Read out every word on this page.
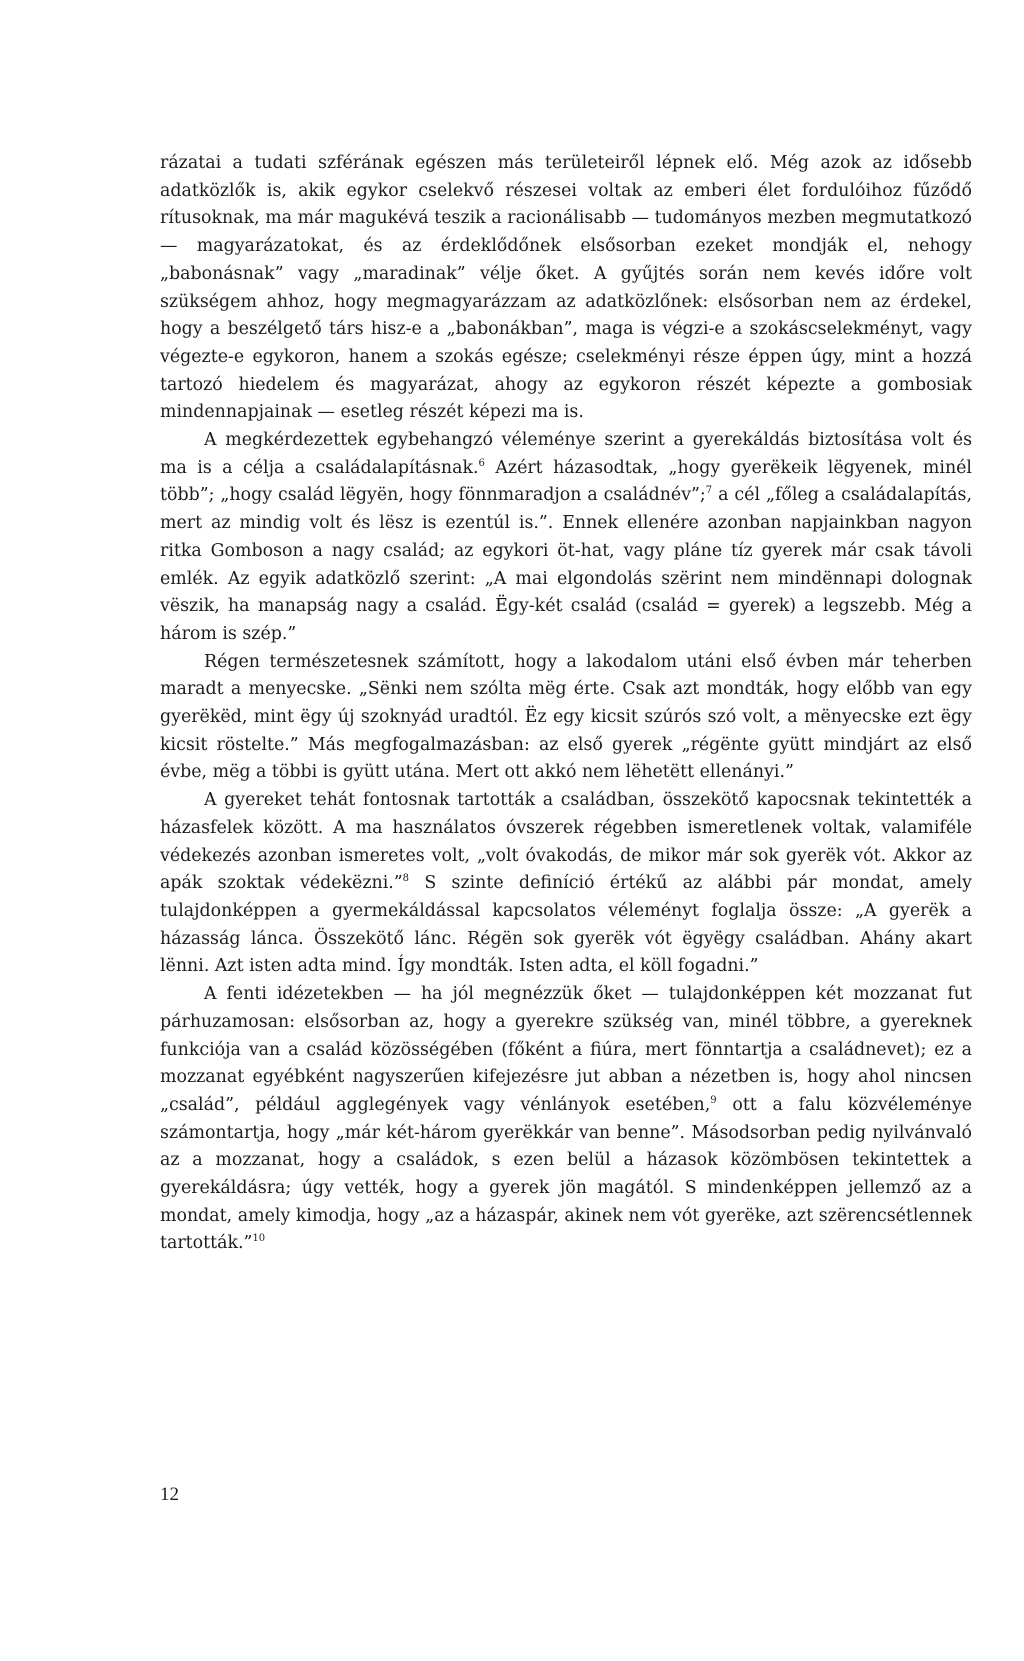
rázatai a tudati szférának egészen más területeiről lépnek elő. Még azok az idősebb adatközlők is, akik egykor cselekvő részesei voltak az emberi élet fordulóihoz fűződő rítusoknak, ma már magukévá teszik a racionálisabb — tudományos mezben megmutatkozó — magyarázatokat, és az érdeklődőnek elsősorban ezeket mondják el, nehogy „babonásnak” vagy „maradinak” vélje őket. A gyűjtés során nem kevés időre volt szükségem ahhoz, hogy megmagyarázzam az adatközlőnek: elsősorban nem az érdekel, hogy a beszélgető társ hisz-e a „babonákban”, maga is végzi-e a szokáscselekményt, vagy végezte-e egykoron, hanem a szokás egésze; cselekményi része éppen úgy, mint a hozzá tartozó hiedelem és magyarázat, ahogy az egykoron részét képezte a gombosiak mindennapjainak — esetleg részét képezi ma is.

A megkérdezettek egybehangzó véleménye szerint a gyerekáldás biztosítása volt és ma is a célja a családalapításnak.$^6$ Azért házasodtak, „hogy gyerëkeik lëgyenek, minél több”; „hogy család lëgyën, hogy fönnmaradjon a családnév”;$^7$ a cél „főleg a családalapítás, mert az mindig volt és lësz is ezentúl is.”. Ennek ellenére azonban napjainkban nagyon ritka Gomboson a nagy család; az egykori öt-hat, vagy pláne tíz gyerek már csak távoli emlék. Az egyik adatközlő szerint: „A mai elgondolás szërint nem mindënnapi dolognak vëszik, ha manapság nagy a család. Ëgy-két család (család = gyerek) a legszebb. Még a három is szép.”

Régen természetesnek számított, hogy a lakodalom utáni első évben már teherben maradt a menyecske. „Sënki nem szólta mëg érte. Csak azt mondták, hogy előbb van egy gyerëkëd, mint ëgy új szoknyád uradtól. Ëz egy kicsit szúrós szó volt, a mënyecske ezt ëgy kicsit röstelte.” Más megfogalmazásban: az első gyerek „régënte gyütt mindjárt az első évbe, mëg a többi is gyütt utána. Mert ott akkó nem lëhetëtt ellenányi.”

A gyereket tehát fontosnak tartották a családban, összekötő kapocsnak tekintették a házasfelek között. A ma használatos óvszerek régebben ismeretlenek voltak, valamiféle védekezés azonban ismeretes volt, „volt óvakodás, de mikor már sok gyerëk vót. Akkor az apák szoktak védekëzni.”$^8$ S szinte definíció értékű az alábbi pár mondat, amely tulajdonképpen a gyermekáldással kapcsolatos véleményt foglalja össze: „A gyerëk a házasság lánca. Összekötő lánc. Régën sok gyerëk vót ëgyëgy családban. Ahány akart lënni. Azt isten adta mind. Így mondták. Isten adta, el köll fogadni.”

A fenti idézetekben — ha jól megnézzük őket — tulajdonképpen két mozzanat fut párhuzamosan: elsősorban az, hogy a gyerekre szükség van, minél többre, a gyereknek funkciója van a család közösségében (főként a fiúra, mert fönntartja a családnevet); ez a mozzanat egyébként nagyszerűen kifejezésre jut abban a nézetben is, hogy ahol nincsen „család”, például agglegények vagy vénlányok esetében,$^9$ ott a falu közvéleménye számontartja, hogy „már két-három gyerëkkár van benne”. Másodsorban pedig nyilvánvaló az a mozzanat, hogy a családok, s ezen belül a házasok közömbösen tekintettek a gyerekáldásra; úgy vették, hogy a gyerek jön magától. S mindenképpen jellemző az a mondat, amely kimodja, hogy „az a házaspár, akinek nem vót gyerëke, azt szërencsétlennek tartották.”$^{10}$

12
